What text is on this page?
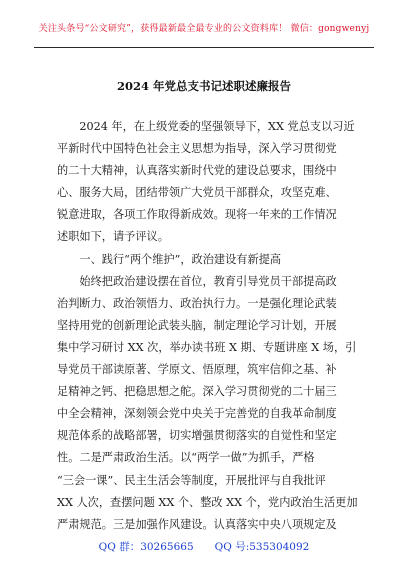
关注头条号“公文研究”，获得最新最全最专业的公文资料库！ 微信：gongwenyj
2024 年党总支书记述职述廉报告
　　2024 年，在上级党委的坚强领导下，XX 党总支以习近
平新时代中国特色社会主义思想为指导，深入学习贯彻党
的二十大精神，认真落实新时代党的建设总要求，围绕中
心、服务大局，团结带领广大党员干部群众，攻坚克难、
锐意进取，各项工作取得新成效。现将一年来的工作情况
述职如下，请予评议。
　　一、践行“两个维护”，政治建设有新提高
　　始终把政治建设摆在首位，教育引导党员干部提高政
治判断力、政治领悟力、政治执行力。一是强化理论武装
坚持用党的创新理论武装头脑，制定理论学习计划，开展
集中学习研讨 XX 次，举办读书班 X 期、专题讲座 X 场，引
导党员干部读原著、学原文、悟原理，筑牢信仰之基、补
足精神之钙、把稳思想之舵。深入学习贯彻党的二十届三
中全会精神，深刻领会党中央关于完善党的自我革命制度
规范体系的战略部署，切实增强贯彻落实的自觉性和坚定
性。二是严肃政治生活。以“两学一做”为抓手，严格
“三会一课”、民主生活会等制度，开展批评与自我批评
XX 人次，查摆问题 XX 个、整改 XX 个，党内政治生活更加
严肃规范。三是加强作风建设。认真落实中央八项规定及
QQ 群：30265665　　QQ 号:535304092
